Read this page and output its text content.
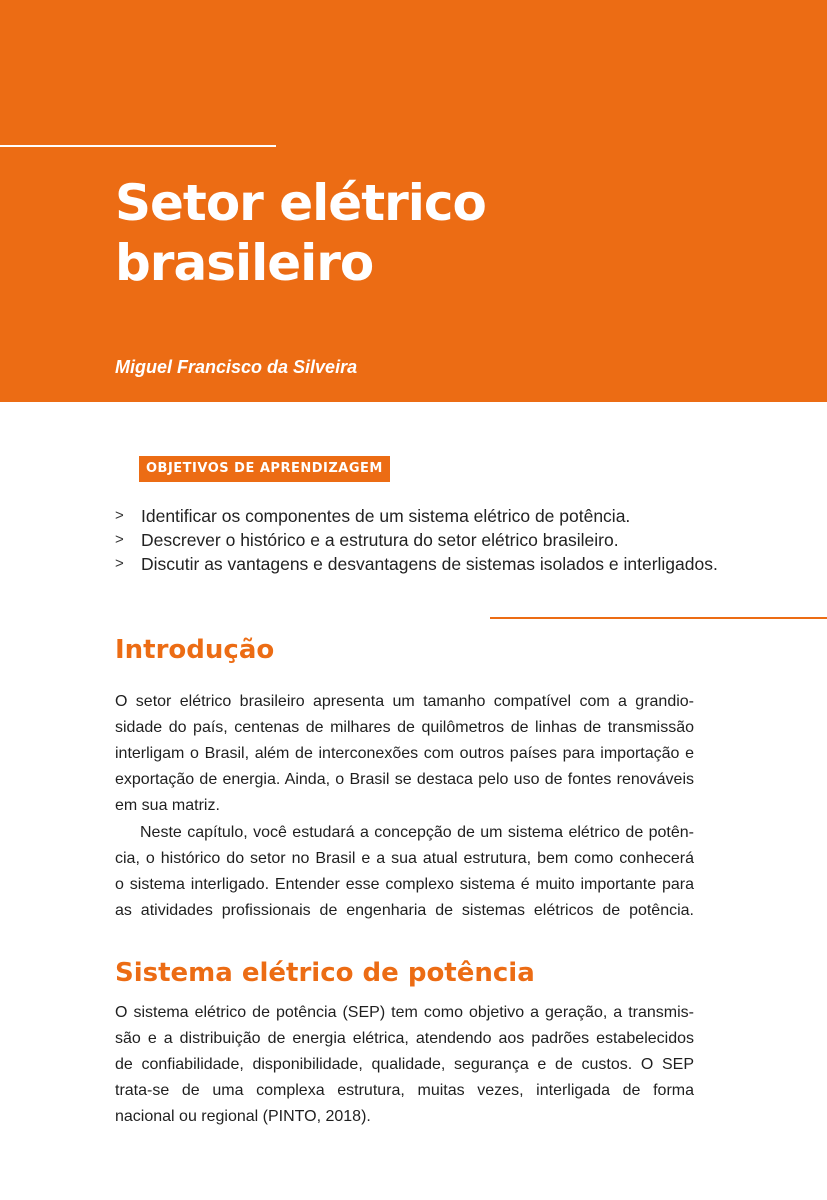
Setor elétrico
brasileiro

Miguel Francisco da Silveira

OBJETIVOS DE APRENDIZAGEM
> Identificar os componentes de um sistema elétrico de potência.
> Descrever o histórico e a estrutura do setor elétrico brasileiro.
> Discutir as vantagens e desvantagens de sistemas isolados e interligados.
Introdução

O setor elétrico brasileiro apresenta um tamanho compatível com a grandio-
sidade do país, centenas de milhares de quilômetros de linhas de transmissão
interligam o Brasil, além de interconexões com outros países para importação e
exportação de energia. Ainda, o Brasil se destaca pelo uso de fontes renováveis
em sua matriz.

Neste capítulo, você estudará a concepção de um sistema elétrico de potên-
cia, o histórico do setor no Brasil e a sua atual estrutura, bem como conhecerá
o sistema interligado. Entender esse complexo sistema é muito importante para
as atividades profissionais de engenharia de sistemas elétricos de potência.

Sistema elétrico de potência

O sistema elétrico de potência (SEP) tem como objetivo a geração, a transmis-
são e a distribuição de energia elétrica, atendendo aos padrões estabelecidos
de confiabilidade, disponibilidade, qualidade, segurança e de custos. O SEP
trata-se de uma complexa estrutura, muitas vezes, interligada de forma
nacional ou regional (PINTO, 2018).
